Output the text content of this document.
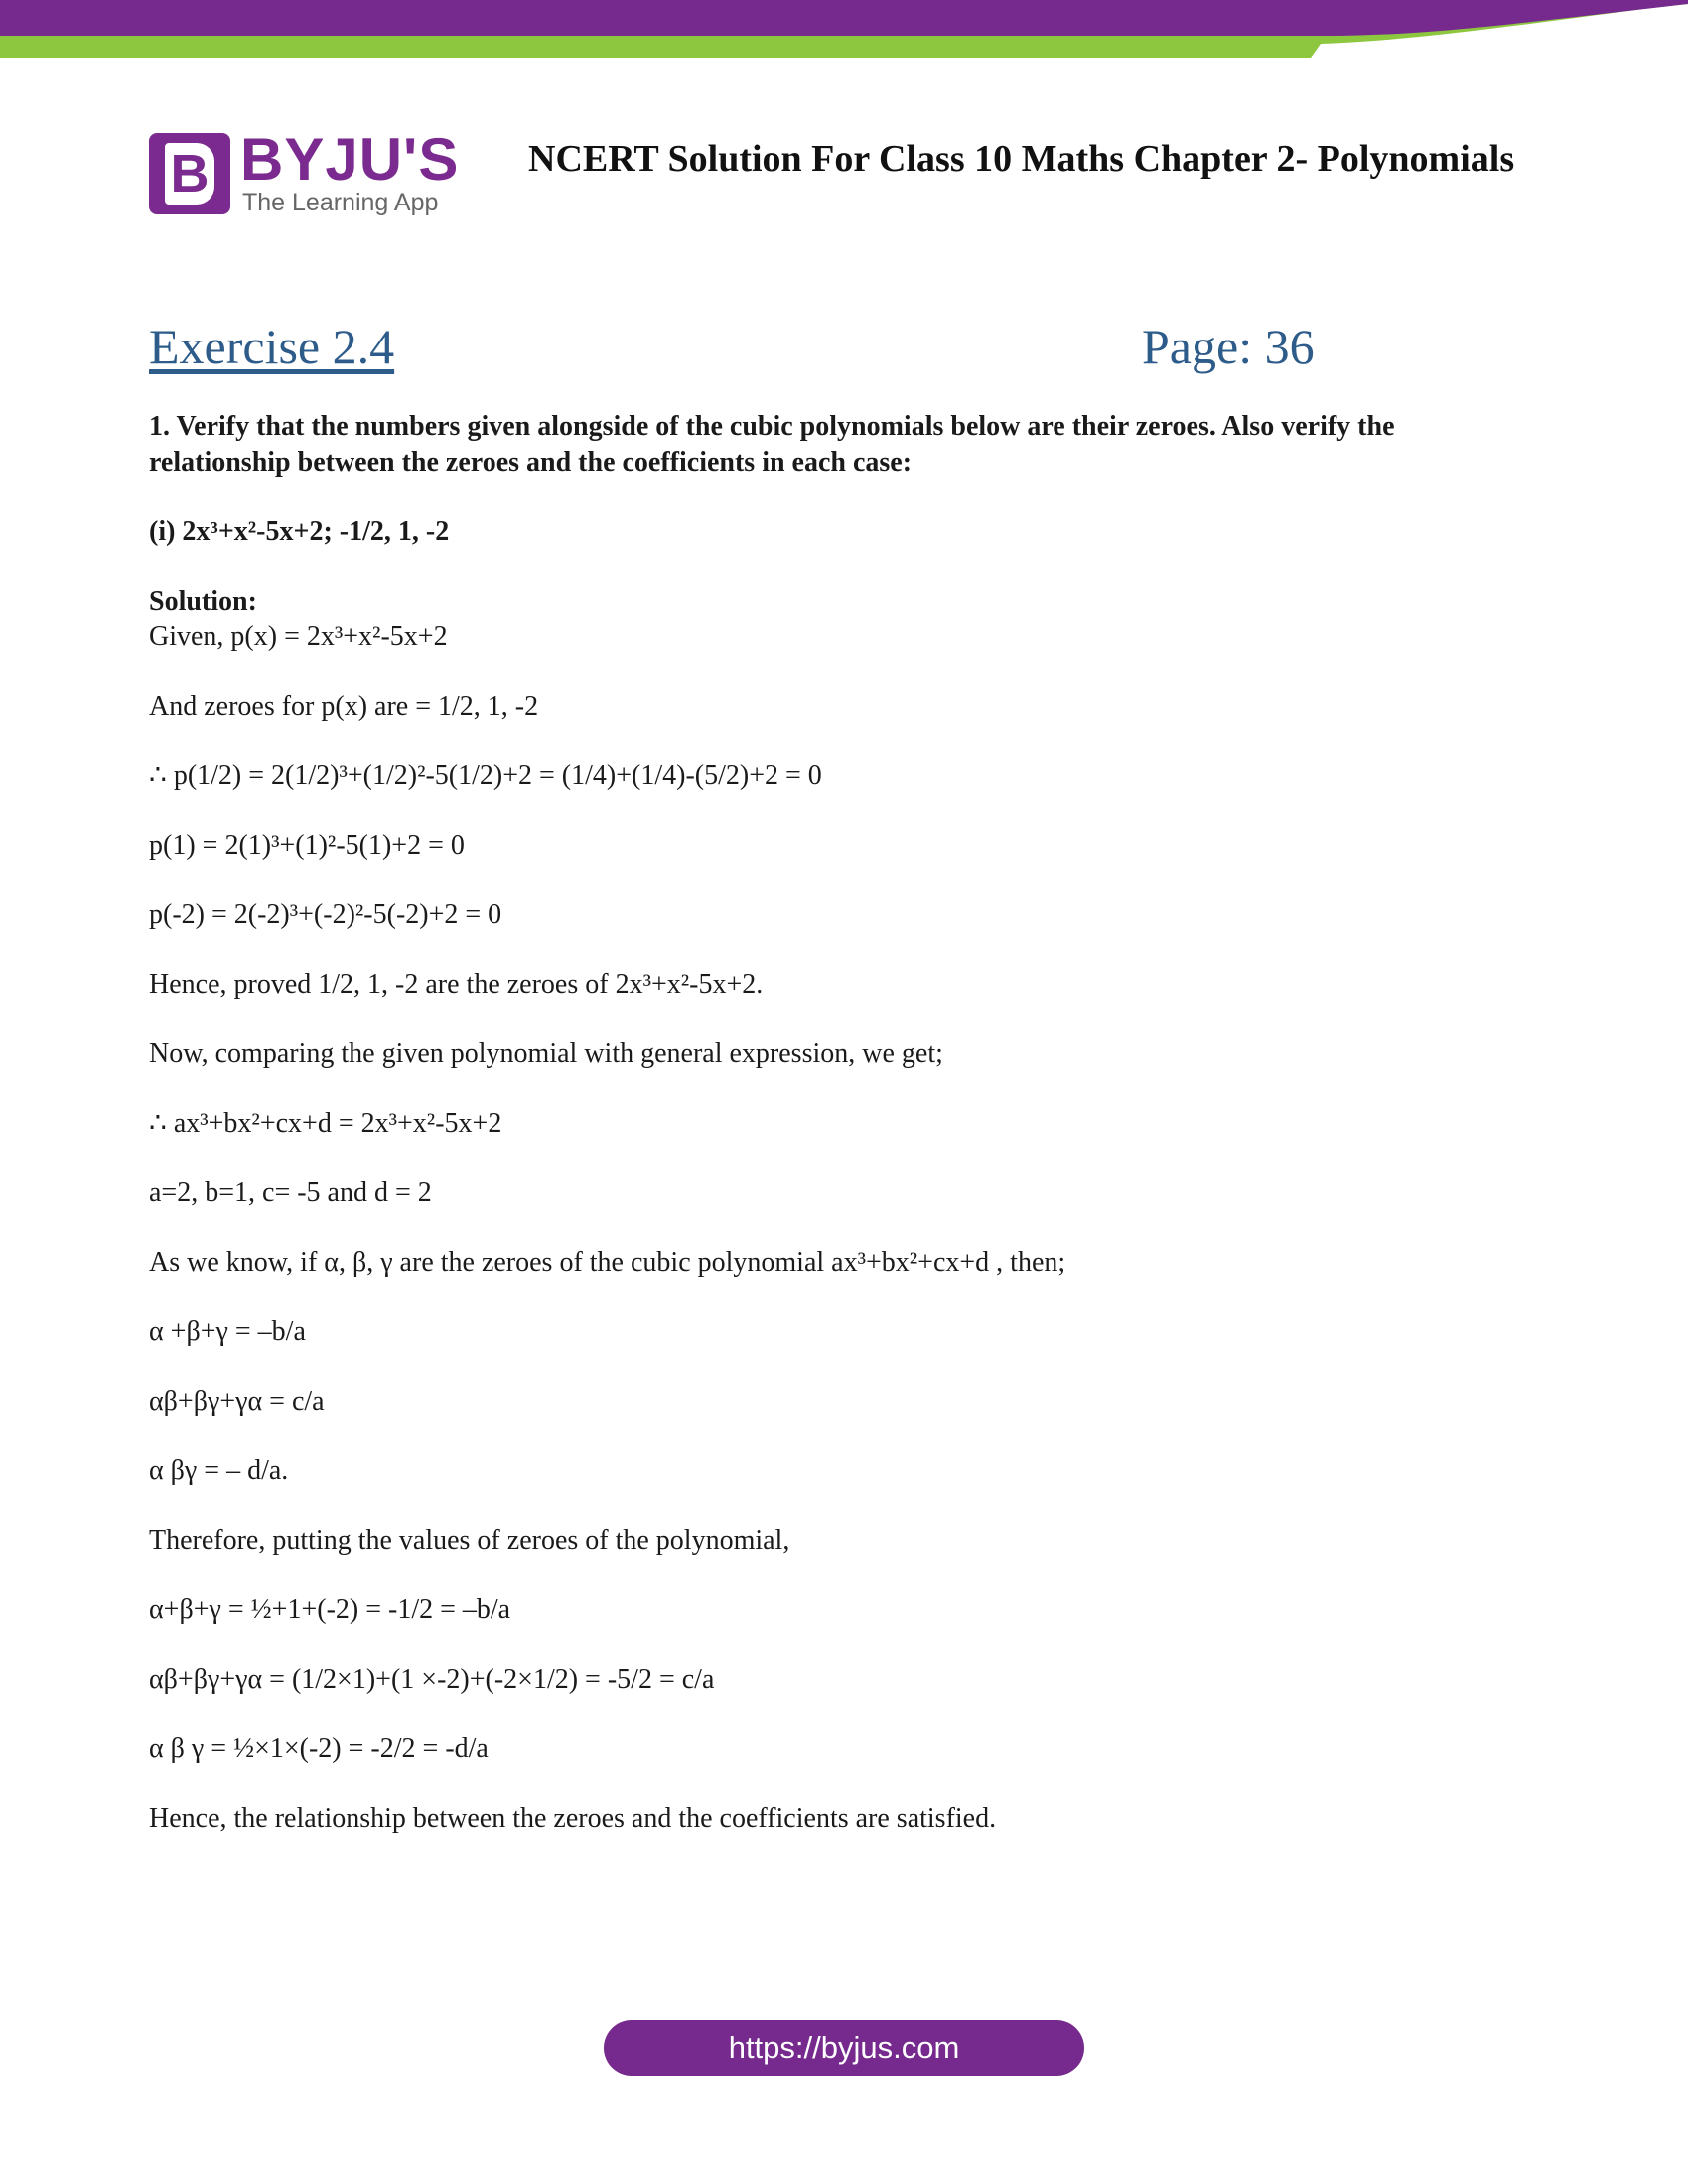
B BYJU'S
The Learning App
NCERT Solution For Class 10 Maths Chapter 2- Polynomials
Exercise 2.4	Page: 36

1. Verify that the numbers given alongside of the cubic polynomials below are their zeroes. Also verify the relationship between the zeroes and the coefficients in each case:

(i) 2x³+x²-5x+2; -1/2, 1, -2

Solution:

Given, p(x) = 2x³+x²-5x+2

And zeroes for p(x) are = 1/2, 1, -2

∴ p(1/2) = 2(1/2)³+(1/2)²-5(1/2)+2 = (1/4)+(1/4)-(5/2)+2 = 0

p(1) = 2(1)³+(1)²-5(1)+2 = 0

p(-2) = 2(-2)³+(-2)²-5(-2)+2 = 0

Hence, proved 1/2, 1, -2 are the zeroes of 2x³+x²-5x+2.

Now, comparing the given polynomial with general expression, we get;

∴ ax³+bx²+cx+d = 2x³+x²-5x+2

a=2, b=1, c= -5 and d = 2

As we know, if α, β, γ are the zeroes of the cubic polynomial ax³+bx²+cx+d , then;

α +β+γ = –b/a

αβ+βγ+γα = c/a

α βγ = – d/a.

Therefore, putting the values of zeroes of the polynomial,

α+β+γ = ½+1+(-2) = -1/2 = –b/a

αβ+βγ+γα = (1/2×1)+(1 ×-2)+(-2×1/2) = -5/2 = c/a

α β γ = ½×1×(-2) = -2/2 = -d/a

Hence, the relationship between the zeroes and the coefficients are satisfied.

https://byjus.com
